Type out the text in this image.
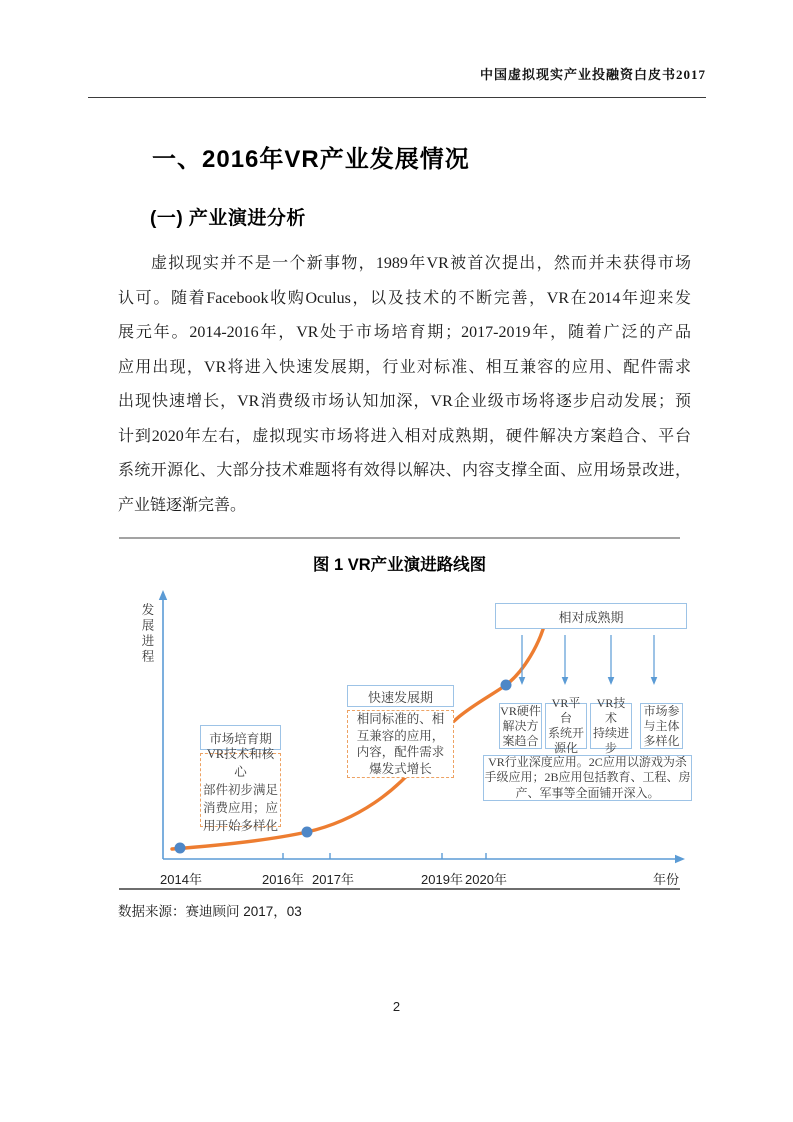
中国虚拟现实产业投融资白皮书2017
一、2016年VR产业发展情况
(一) 产业演进分析
虚拟现实并不是一个新事物，1989年VR被首次提出，然而并未获得市场
认可。随着Facebook收购Oculus，以及技术的不断完善，VR在2014年迎来发
展元年。2014-2016年，VR处于市场培育期；2017-2019年，随着广泛的产品
应用出现，VR将进入快速发展期，行业对标准、相互兼容的应用、配件需求
出现快速增长，VR消费级市场认知加深，VR企业级市场将逐步启动发展；预
计到2020年左右，虚拟现实市场将进入相对成熟期，硬件解决方案趋合、平台
系统开源化、大部分技术难题将有效得以解决、内容支撑全面、应用场景改进，
产业链逐渐完善。
图 1 VR产业演进路线图
发展进程
2014年	2016年 2017年	2019年 2020年	年份
市场培育期
VR技术和核心
部件初步满足
消费应用；应
用开始多样化
快速发展期
相同标准的、相
互兼容的应用，
内容，配件需求
爆发式增长
相对成熟期
VR硬件
解决方
案趋合
VR平台
系统开
源化
VR技术
持续进
步
市场参
与主体
多样化
VR行业深度应用。2C应用以游戏为杀
手级应用；2B应用包括教育、工程、房
产、军事等全面铺开深入。
数据来源：赛迪顾问 2017，03
2
